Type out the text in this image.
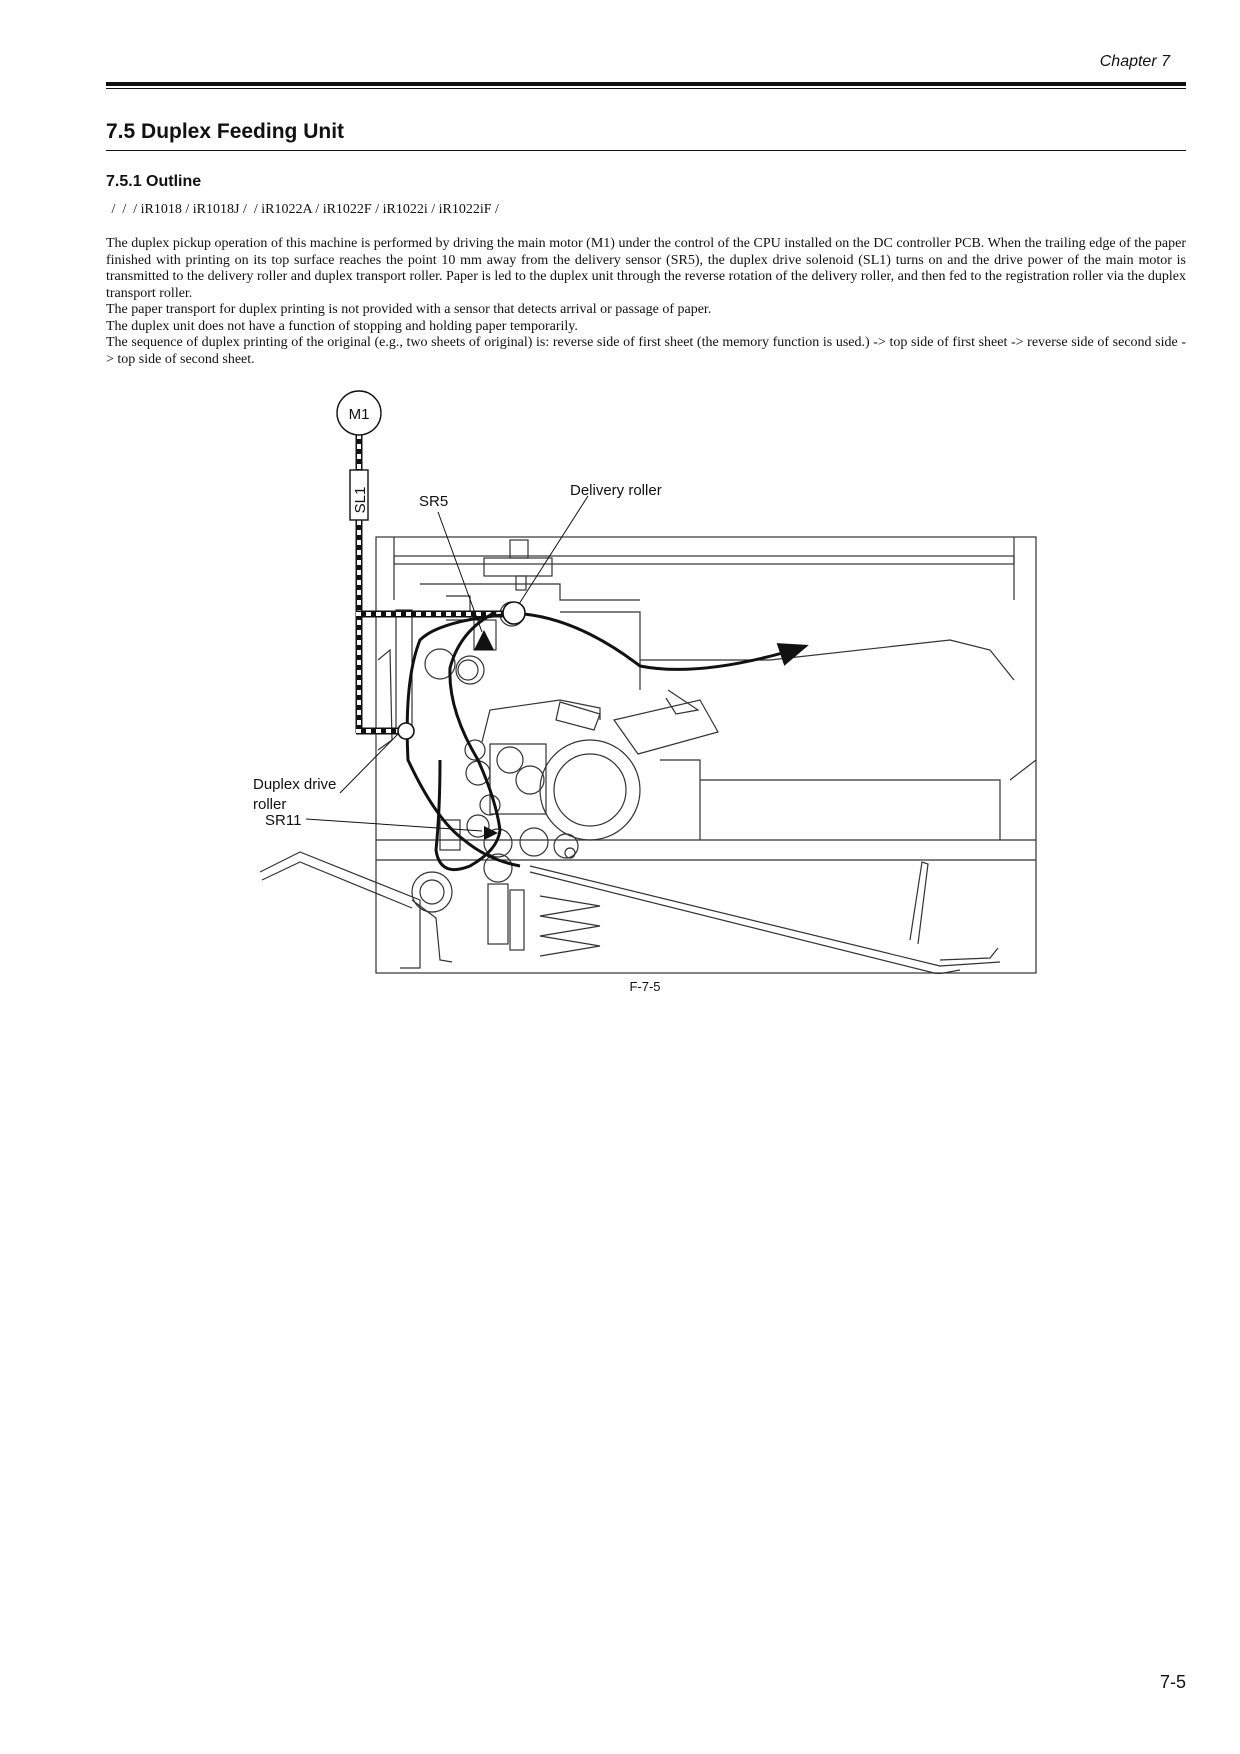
Chapter 7
7.5 Duplex Feeding Unit
7.5.1 Outline
/  /  / iR1018 / iR1018J /  / iR1022A / iR1022F / iR1022i / iR1022iF /

The duplex pickup operation of this machine is performed by driving the main motor (M1) under the control of the CPU installed on the DC controller PCB. When the trailing edge of the paper finished with printing on its top surface reaches the point 10 mm away from the delivery sensor (SR5), the duplex drive solenoid (SL1) turns on and the drive power of the main motor is transmitted to the delivery roller and duplex transport roller. Paper is led to the duplex unit through the reverse rotation of the delivery roller, and then fed to the registration roller via the duplex transport roller.

The paper transport for duplex printing is not provided with a sensor that detects arrival or passage of paper.

The duplex unit does not have a function of stopping and holding paper temporarily.

The sequence of duplex printing of the original (e.g., two sheets of original) is: reverse side of first sheet (the memory function is used.) -> top side of first sheet -> reverse side of second side -> top side of second sheet.

M1
SL1	SR5
Delivery roller
Duplex drive
roller
SR11
F-7-5
7-5
